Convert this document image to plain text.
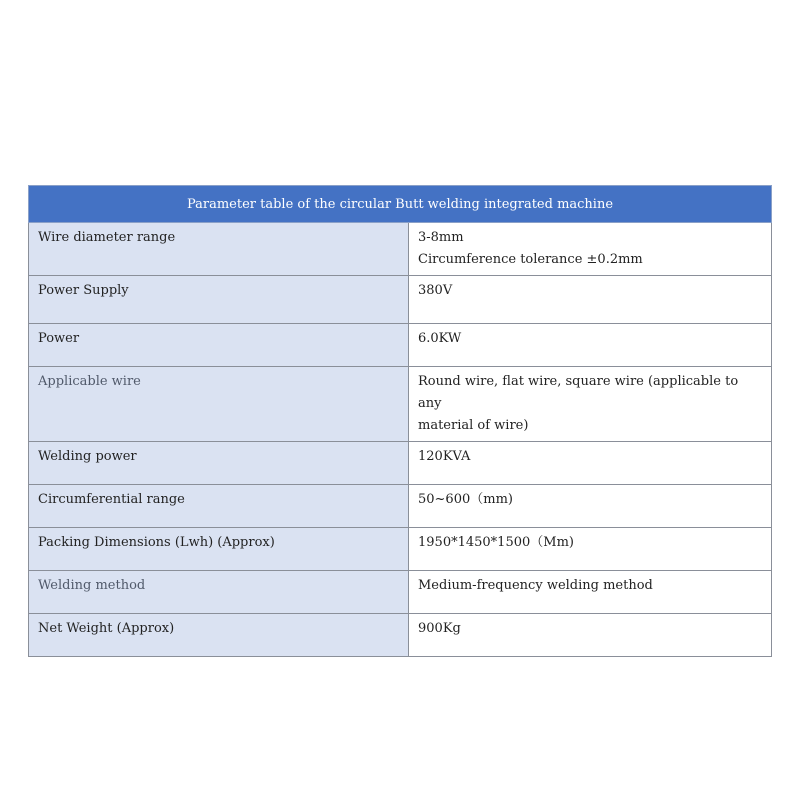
Parameter table of the circular Butt welding integrated machine	
Wire diameter range	3-8mm
Circumference tolerance ±0.2mm

Power Supply	380V

Power	6.0KW

Applicable wire	Round wire, flat wire, square wire (applicable to any
material of wire)

Welding power	120KVA

Circumferential range	50~600（mm)

Packing Dimensions (Lwh) (Approx)	1950*1450*1500（Mm)

Welding method	Medium-frequency welding method

Net Weight (Approx)	900Kg
